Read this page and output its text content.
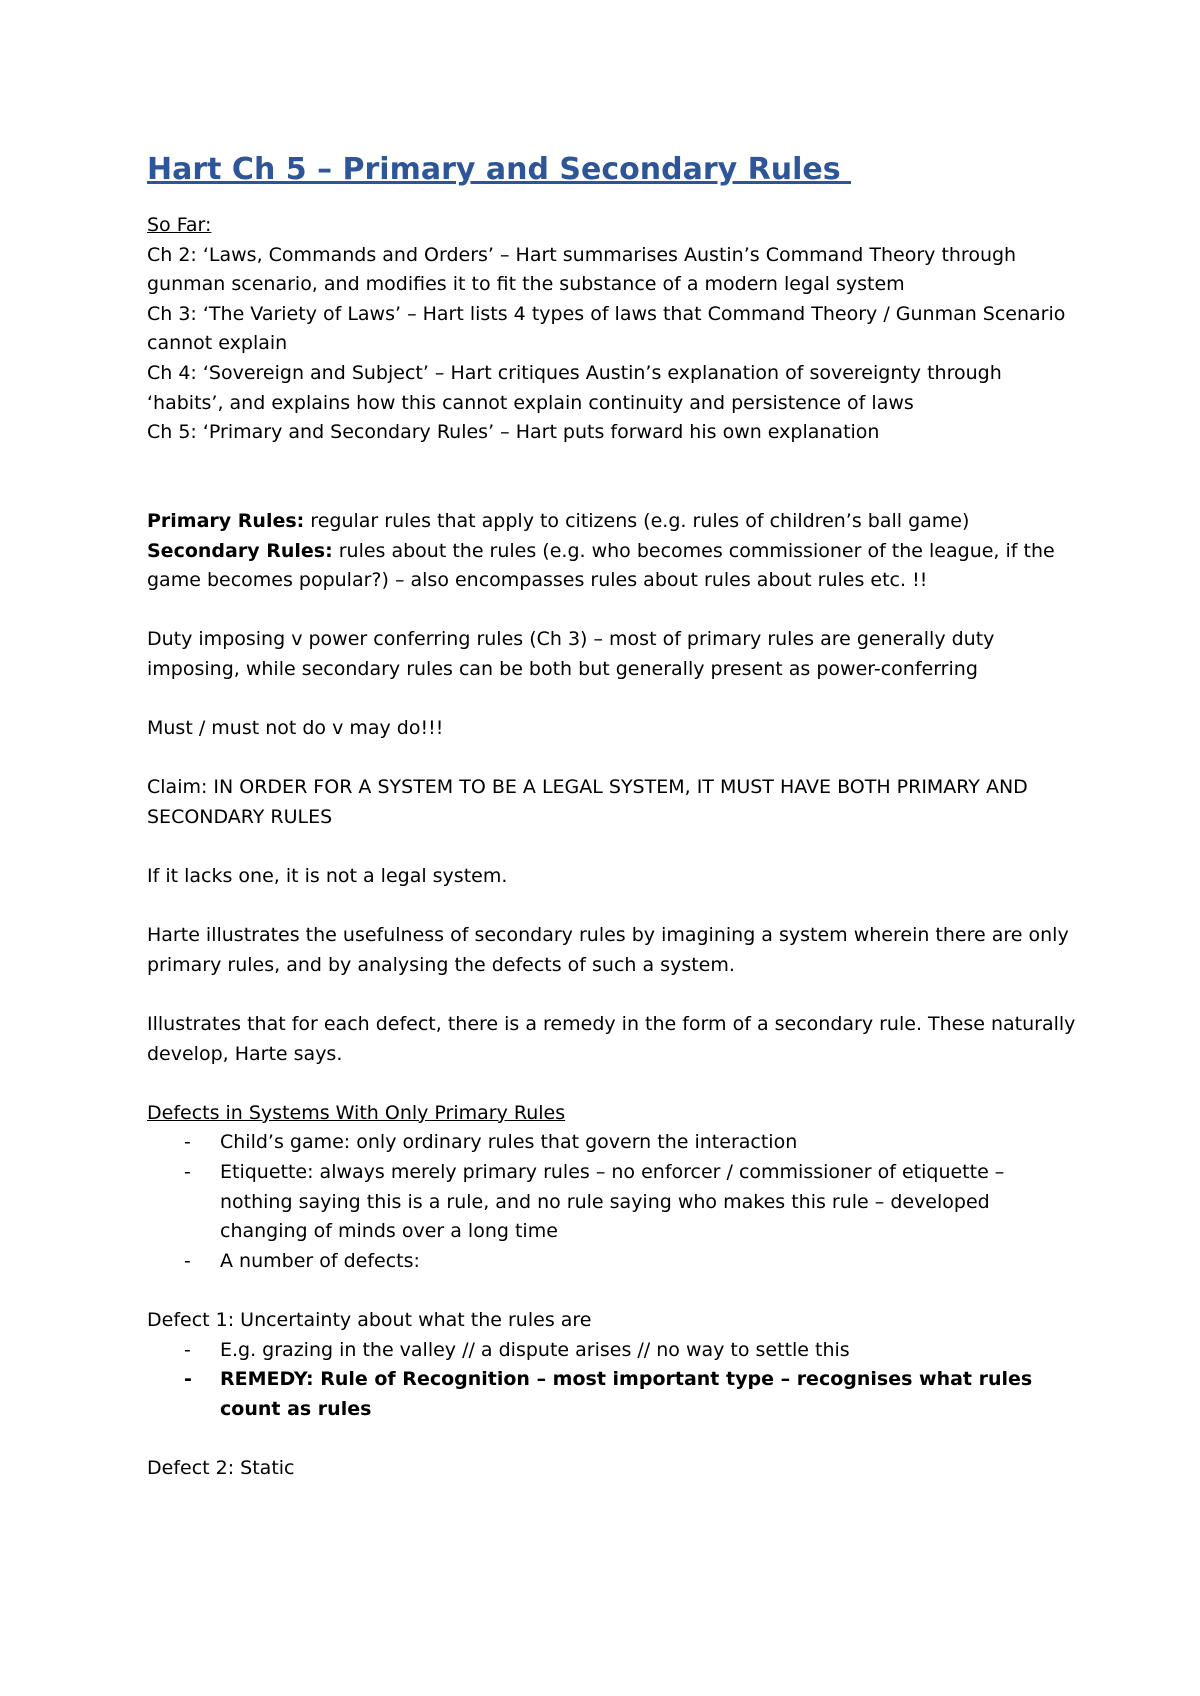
Hart Ch 5 – Primary and Secondary Rules

So Far:

Ch 2: ‘Laws, Commands and Orders’ – Hart summarises Austin’s Command Theory through gunman scenario, and modifies it to fit the substance of a modern legal system

Ch 3: ‘The Variety of Laws’ – Hart lists 4 types of laws that Command Theory / Gunman Scenario cannot explain

Ch 4: ‘Sovereign and Subject’ – Hart critiques Austin’s explanation of sovereignty through ‘habits’, and explains how this cannot explain continuity and persistence of laws

Ch 5: ‘Primary and Secondary Rules’ – Hart puts forward his own explanation

Primary Rules: regular rules that apply to citizens (e.g. rules of children’s ball game)

Secondary Rules: rules about the rules (e.g. who becomes commissioner of the league, if the game becomes popular?) – also encompasses rules about rules about rules etc. !!

Duty imposing v power conferring rules (Ch 3) – most of primary rules are generally duty imposing, while secondary rules can be both but generally present as power-conferring

Must / must not do v may do!!!

Claim: IN ORDER FOR A SYSTEM TO BE A LEGAL SYSTEM, IT MUST HAVE BOTH PRIMARY AND SECONDARY RULES

If it lacks one, it is not a legal system.

Harte illustrates the usefulness of secondary rules by imagining a system wherein there are only primary rules, and by analysing the defects of such a system.

Illustrates that for each defect, there is a remedy in the form of a secondary rule. These naturally develop, Harte says.

Defects in Systems With Only Primary Rules

- Child’s game: only ordinary rules that govern the interaction
- Etiquette: always merely primary rules – no enforcer / commissioner of etiquette – nothing saying this is a rule, and no rule saying who makes this rule – developed changing of minds over a long time
- A number of defects:

Defect 1: Uncertainty about what the rules are

- E.g. grazing in the valley // a dispute arises // no way to settle this
- REMEDY: Rule of Recognition – most important type – recognises what rules count as rules

Defect 2: Static
